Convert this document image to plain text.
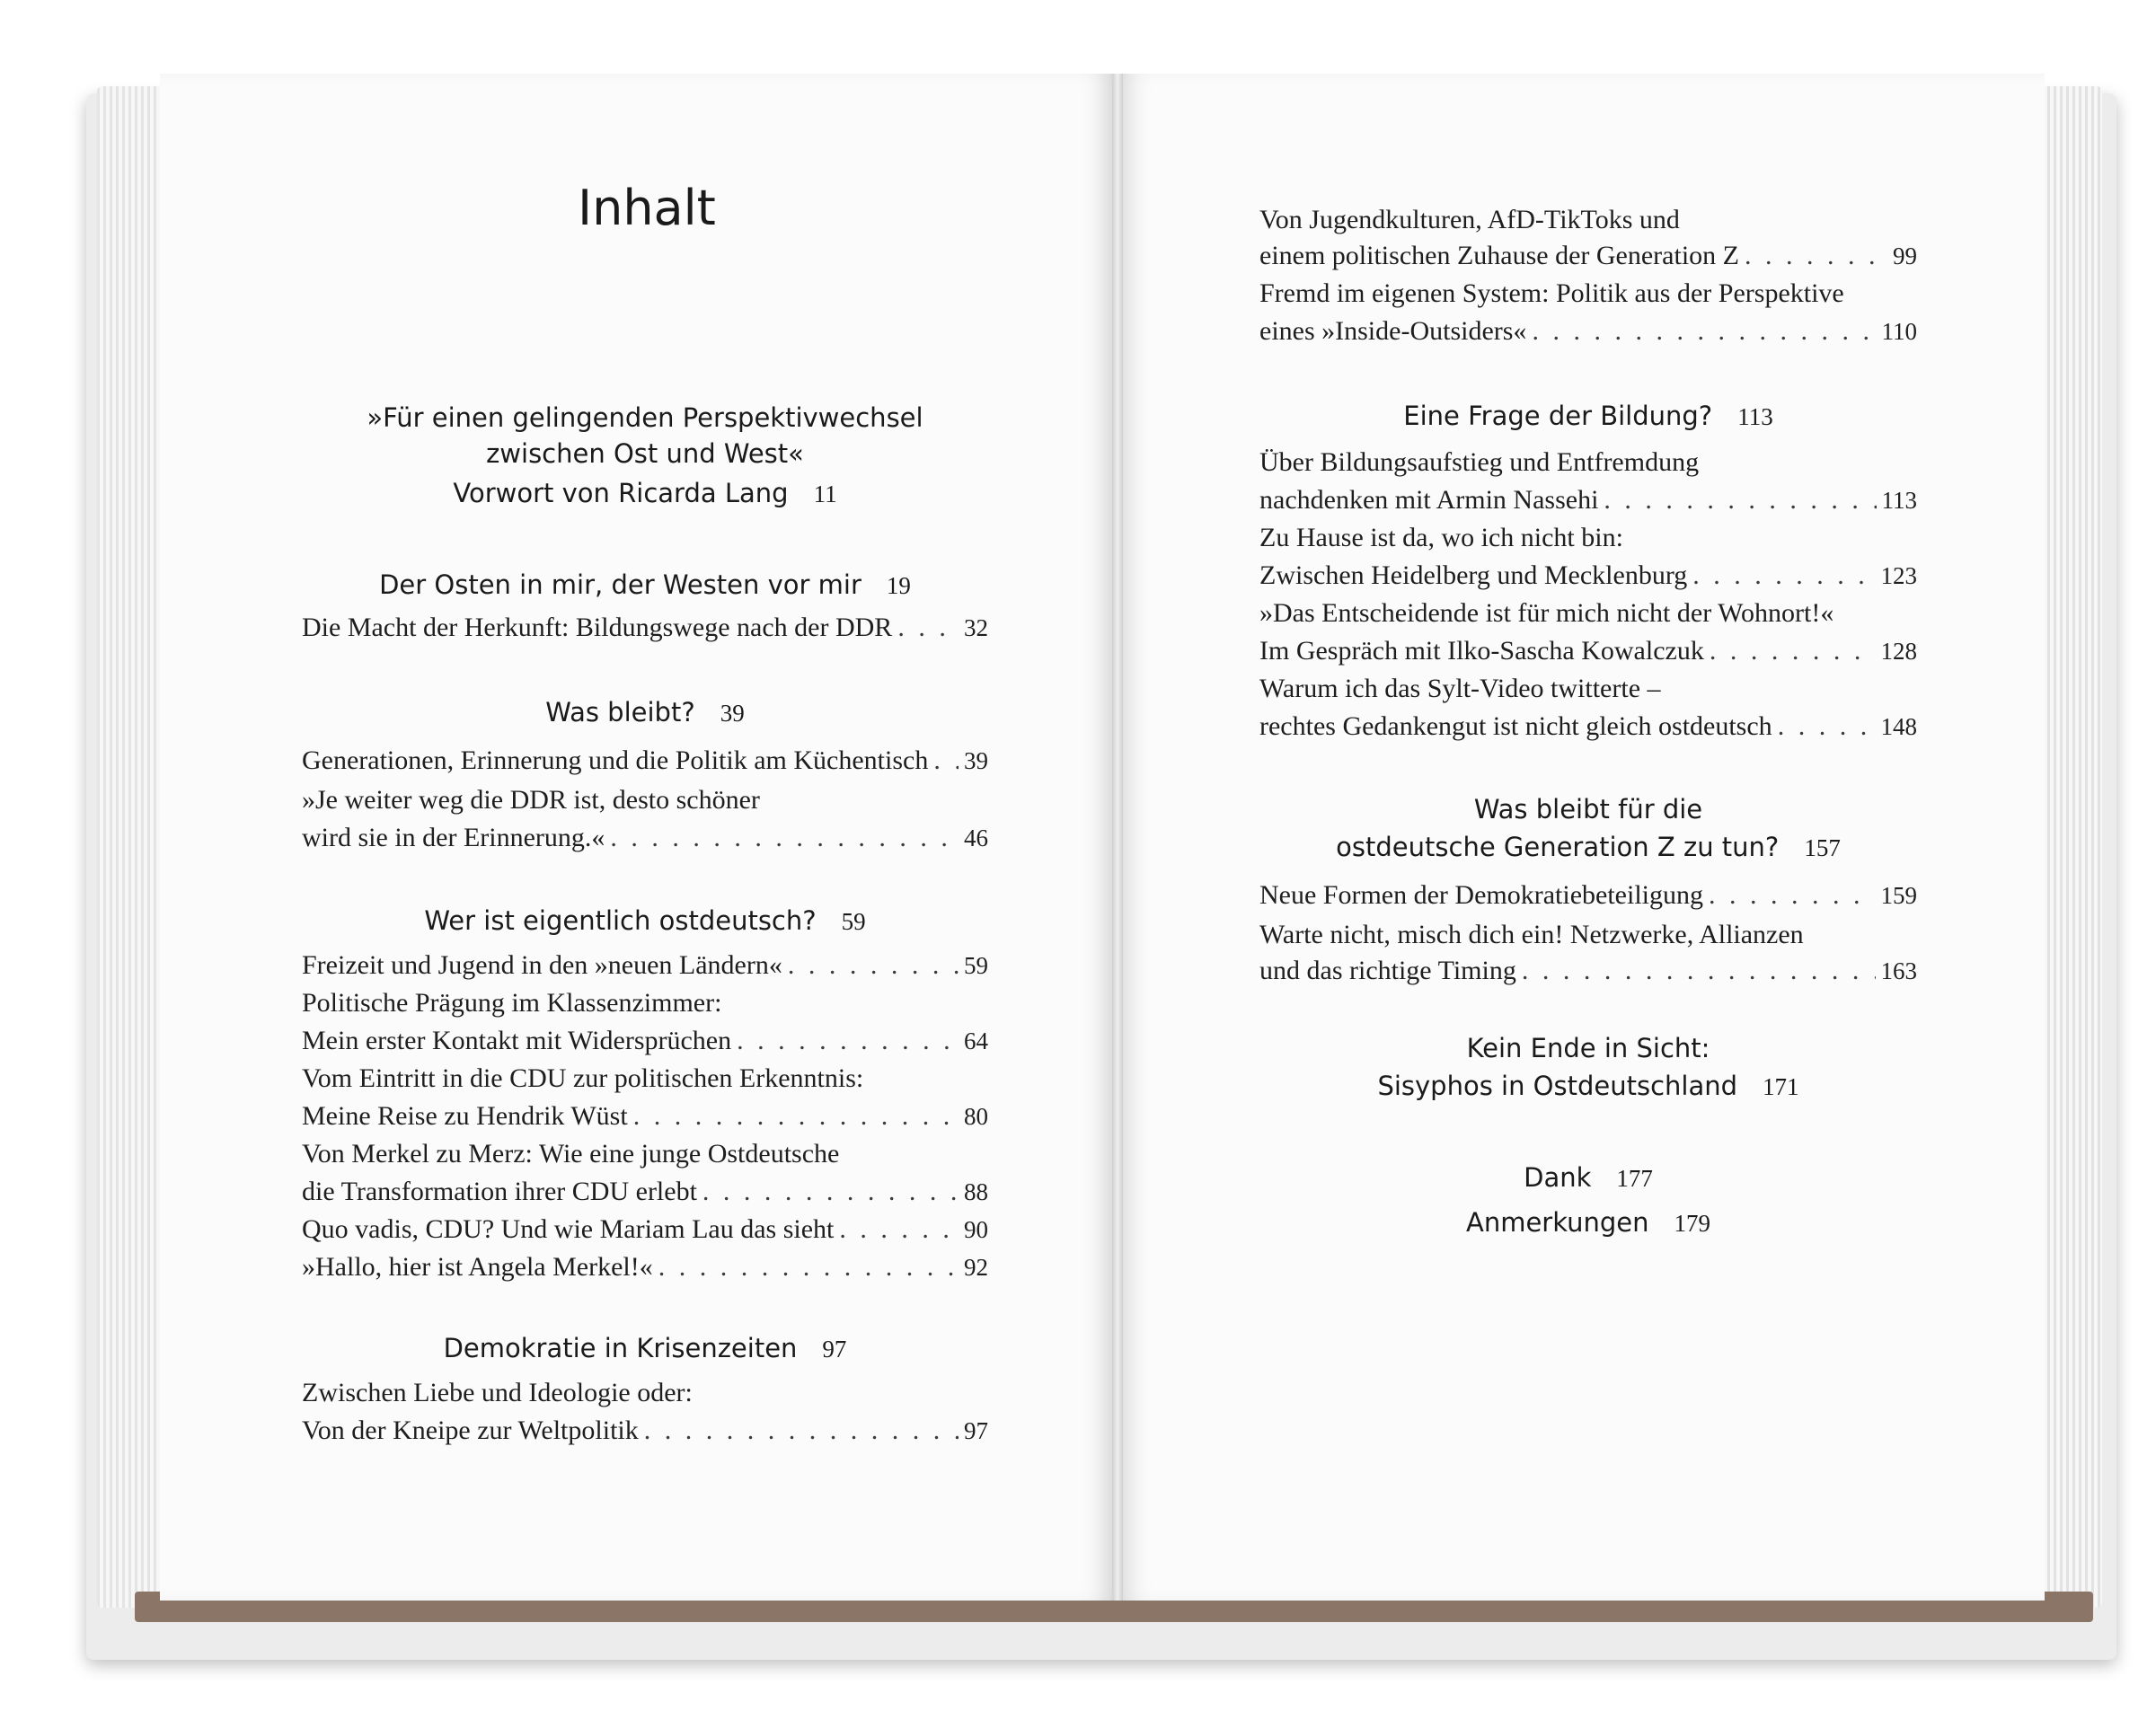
Inhalt
»Für einen gelingenden Perspektivwechsel
zwischen Ost und West«
Vorwort von Ricarda Lang 11
Der Osten in mir, der Westen vor mir 19
Die Macht der Herkunft: Bildungswege nach der DDR . . .	32
Was bleibt? 39
Generationen, Erinnerung und die Politik am Küchentisch . . . 39
»Je weiter weg die DDR ist, desto schöner
wird sie in der Erinnerung.« . . .	46
Wer ist eigentlich ostdeutsch? 59
Freizeit und Jugend in den »neuen Ländern« . . .	59
Politische Prägung im Klassenzimmer:
Mein erster Kontakt mit Widersprüchen . . .	64
Vom Eintritt in die CDU zur politischen Erkenntnis:
Meine Reise zu Hendrik Wüst . . .	80
Von Merkel zu Merz: Wie eine junge Ostdeutsche
die Transformation ihrer CDU erlebt . . .	88
Quo vadis, CDU? Und wie Mariam Lau das sieht . . .	90
»Hallo, hier ist Angela Merkel!« . . .	92
Demokratie in Krisenzeiten 97
Zwischen Liebe und Ideologie oder:
Von der Kneipe zur Weltpolitik . . .	97
Von Jugendkulturen, AfD-TikToks und
einem politischen Zuhause der Generation Z . . .	99
Fremd im eigenen System: Politik aus der Perspektive
eines »Inside-Outsiders« . . .	110
Eine Frage der Bildung? 113
Über Bildungsaufstieg und Entfremdung
nachdenken mit Armin Nassehi . . .	113
Zu Hause ist da, wo ich nicht bin:
Zwischen Heidelberg und Mecklenburg . . .	123
»Das Entscheidende ist für mich nicht der Wohnort!«
Im Gespräch mit Ilko-Sascha Kowalczuk . . .	128
Warum ich das Sylt-Video twitterte –
rechtes Gedankengut ist nicht gleich ostdeutsch . . .	148
Was bleibt für die
ostdeutsche Generation Z zu tun? 157
Neue Formen der Demokratiebeteiligung . . .	159
Warte nicht, misch dich ein! Netzwerke, Allianzen
und das richtige Timing . . .	163
Kein Ende in Sicht:
Sisyphos in Ostdeutschland 171
Dank 177
Anmerkungen 179
